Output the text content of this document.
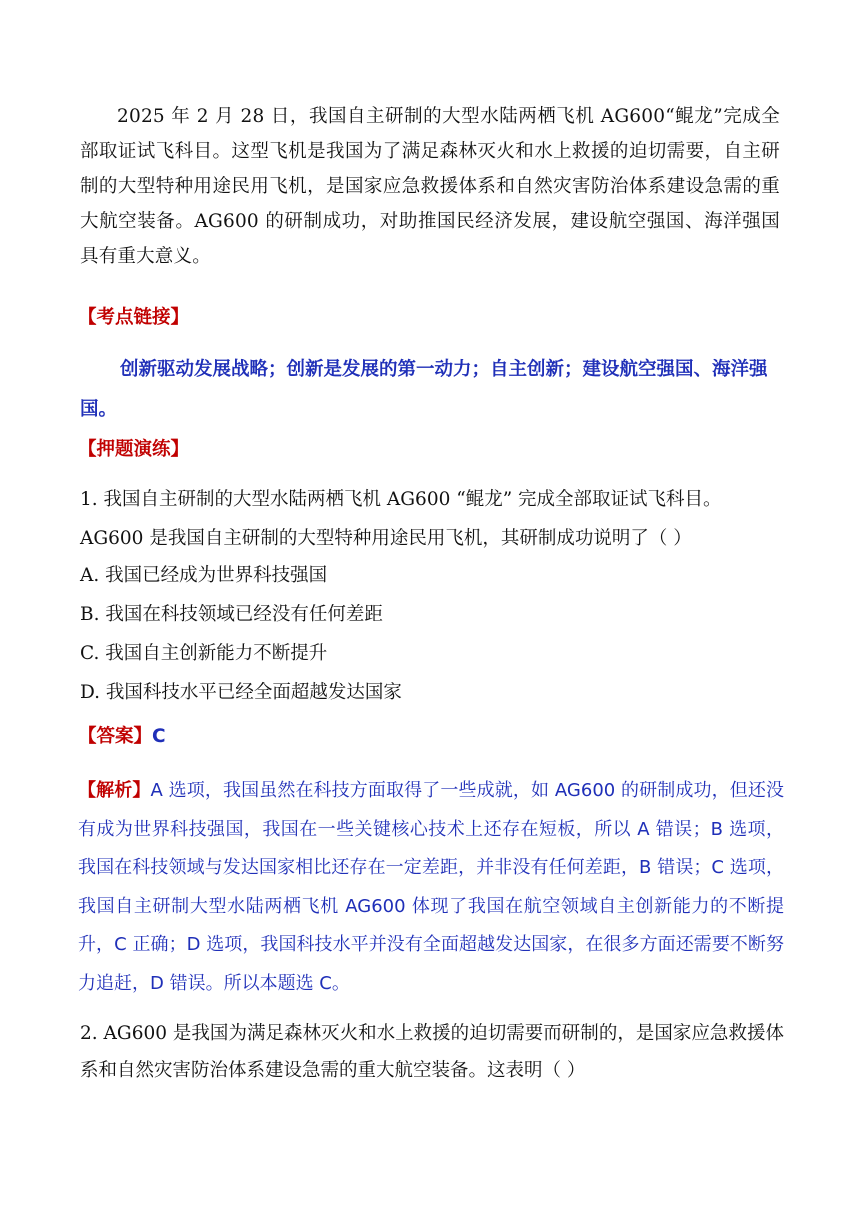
2025 年 2 月 28 日，我国自主研制的大型水陆两栖飞机 AG600“鲲龙”完成全部取证试飞科目。这型飞机是我国为了满足森林灭火和水上救援的迫切需要，自主研制的大型特种用途民用飞机，是国家应急救援体系和自然灾害防治体系建设急需的重大航空装备。AG600 的研制成功，对助推国民经济发展，建设航空强国、海洋强国具有重大意义。

【考点链接】

创新驱动发展战略；创新是发展的第一动力；自主创新；建设航空强国、海洋强国。

【押题演练】

1. 我国自主研制的大型水陆两栖飞机 AG600 “鲲龙” 完成全部取证试飞科目。AG600 是我国自主研制的大型特种用途民用飞机，其研制成功说明了（ ）

A. 我国已经成为世界科技强国

B. 我国在科技领域已经没有任何差距

C. 我国自主创新能力不断提升

D. 我国科技水平已经全面超越发达国家

【答案】C

【解析】A 选项，我国虽然在科技方面取得了一些成就，如 AG600 的研制成功，但还没有成为世界科技强国，我国在一些关键核心技术上还存在短板，所以 A 错误；B 选项，我国在科技领域与发达国家相比还存在一定差距，并非没有任何差距，B 错误；C 选项，我国自主研制大型水陆两栖飞机 AG600 体现了我国在航空领域自主创新能力的不断提升，C 正确；D 选项，我国科技水平并没有全面超越发达国家，在很多方面还需要不断努力追赶，D 错误。所以本题选 C。

2. AG600 是我国为满足森林灭火和水上救援的迫切需要而研制的，是国家应急救援体系和自然灾害防治体系建设急需的重大航空装备。这表明（ ）
